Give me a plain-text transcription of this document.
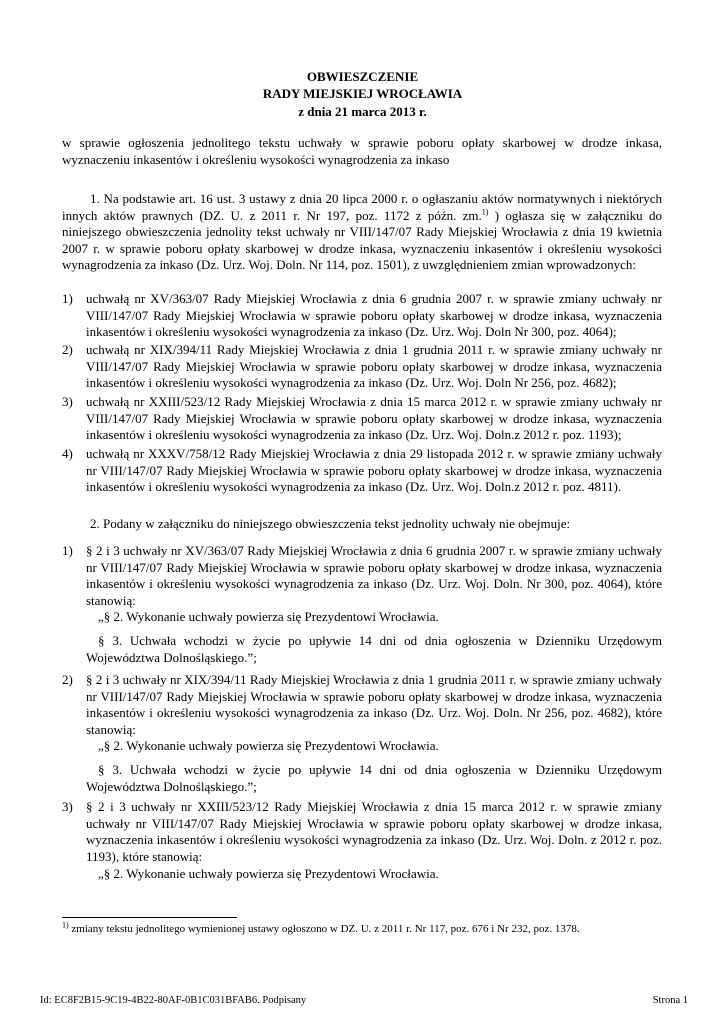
OBWIESZCZENIE
RADY MIEJSKIEJ WROCŁAWIA
z dnia 21 marca 2013 r.

w sprawie ogłoszenia jednolitego tekstu uchwały w sprawie poboru opłaty skarbowej w drodze inkasa, wyznaczeniu inkasentów i określeniu wysokości wynagrodzenia za inkaso

1. Na podstawie art. 16 ust. 3 ustawy z dnia 20 lipca 2000 r. o ogłaszaniu aktów normatywnych i niektórych innych aktów prawnych (DZ. U. z 2011 r. Nr 197, poz. 1172 z późn. zm.$^{1)}$ ) ogłasza się w załączniku do niniejszego obwieszczenia jednolity tekst uchwały nr VIII/147/07 Rady Miejskiej Wrocławia z dnia 19 kwietnia 2007 r. w sprawie poboru opłaty skarbowej w drodze inkasa, wyznaczeniu inkasentów i określeniu wysokości wynagrodzenia za inkaso (Dz. Urz. Woj. Doln. Nr 114, poz. 1501), z uwzględnieniem zmian wprowadzonych:

1)	uchwałą nr XV/363/07 Rady Miejskiej Wrocławia z dnia 6 grudnia 2007 r. w sprawie zmiany uchwały nr VIII/147/07 Rady Miejskiej Wrocławia w sprawie poboru opłaty skarbowej w drodze inkasa, wyznaczenia inkasentów i określeniu wysokości wynagrodzenia za inkaso (Dz. Urz. Woj. Doln Nr 300, poz. 4064);
2)	uchwałą nr XIX/394/11 Rady Miejskiej Wrocławia z dnia 1 grudnia 2011 r. w sprawie zmiany uchwały nr VIII/147/07 Rady Miejskiej Wrocławia w sprawie poboru opłaty skarbowej w drodze inkasa, wyznaczenia inkasentów i określeniu wysokości wynagrodzenia za inkaso (Dz. Urz. Woj. Doln Nr 256, poz. 4682);
3)	uchwałą nr XXIII/523/12 Rady Miejskiej Wrocławia z dnia 15 marca 2012 r. w sprawie zmiany uchwały nr VIII/147/07 Rady Miejskiej Wrocławia w sprawie poboru opłaty skarbowej w drodze inkasa, wyznaczenia inkasentów i określeniu wysokości wynagrodzenia za inkaso (Dz. Urz. Woj. Doln.z 2012 r. poz. 1193);
4)	uchwałą nr XXXV/758/12 Rady Miejskiej Wrocławia z dnia 29 listopada 2012 r. w sprawie zmiany uchwały nr VIII/147/07 Rady Miejskiej Wrocławia w sprawie poboru opłaty skarbowej w drodze inkasa, wyznaczenia inkasentów i określeniu wysokości wynagrodzenia za inkaso (Dz. Urz. Woj. Doln.z 2012 r. poz. 4811).

2. Podany w załączniku do niniejszego obwieszczenia tekst jednolity uchwały nie obejmuje:

1)	§ 2 i 3 uchwały nr XV/363/07 Rady Miejskiej Wrocławia z dnia 6 grudnia 2007 r. w sprawie zmiany uchwały nr VIII/147/07 Rady Miejskiej Wrocławia w sprawie poboru opłaty skarbowej w drodze inkasa, wyznaczenia inkasentów i określeniu wysokości wynagrodzenia za inkaso (Dz. Urz. Woj. Doln. Nr 300, poz. 4064), które stanowią:
„§ 2. Wykonanie uchwały powierza się Prezydentowi Wrocławia.
§ 3. Uchwała wchodzi w życie po upływie 14 dni od dnia ogłoszenia w Dzienniku Urzędowym Województwa Dolnośląskiego.”;
2)	§ 2 i 3 uchwały nr XIX/394/11 Rady Miejskiej Wrocławia z dnia 1 grudnia 2011 r. w sprawie zmiany uchwały nr VIII/147/07 Rady Miejskiej Wrocławia w sprawie poboru opłaty skarbowej w drodze inkasa, wyznaczenia inkasentów i określeniu wysokości wynagrodzenia za inkaso (Dz. Urz. Woj. Doln. Nr 256, poz. 4682), które stanowią:
„§ 2. Wykonanie uchwały powierza się Prezydentowi Wrocławia.
§ 3. Uchwała wchodzi w życie po upływie 14 dni od dnia ogłoszenia w Dzienniku Urzędowym Województwa Dolnośląskiego.”;
3)	§ 2 i 3 uchwały nr XXIII/523/12 Rady Miejskiej Wrocławia z dnia 15 marca 2012 r. w sprawie zmiany uchwały nr VIII/147/07 Rady Miejskiej Wrocławia w sprawie poboru opłaty skarbowej w drodze inkasa, wyznaczenia inkasentów i określeniu wysokości wynagrodzenia za inkaso (Dz. Urz. Woj. Doln. z 2012 r. poz. 1193), które stanowią:
„§ 2. Wykonanie uchwały powierza się Prezydentowi Wrocławia.
$^{1)}$ zmiany tekstu jednolitego wymienionej ustawy ogłoszono w DZ. U. z 2011 r. Nr 117, poz. 676 i Nr 232, poz. 1378.
Id: EC8F2B15-9C19-4B22-80AF-0B1C031BFAB6. Podpisany	Strona 1
